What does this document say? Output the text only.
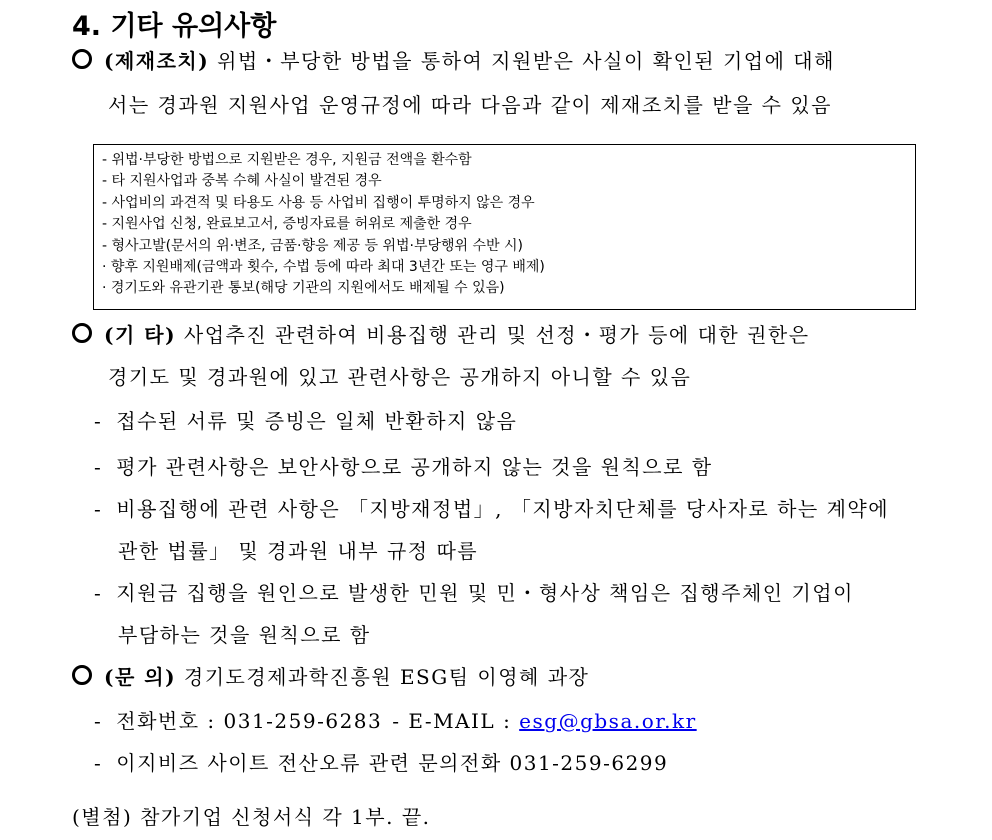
4. 기타 유의사항
(제재조치) 위법・부당한 방법을 통하여 지원받은 사실이 확인된 기업에 대해
서는 경과원 지원사업 운영규정에 따라 다음과 같이 제재조치를 받을 수 있음
- 위법·부당한 방법으로 지원받은 경우, 지원금 전액을 환수함
- 타 지원사업과 중복 수혜 사실이 발견된 경우
- 사업비의 과견적 및 타용도 사용 등 사업비 집행이 투명하지 않은 경우
- 지원사업 신청, 완료보고서, 증빙자료를 허위로 제출한 경우
- 형사고발(문서의 위·변조, 금품·향응 제공 등 위법·부당행위 수반 시)
· 향후 지원배제(금액과 횟수, 수법 등에 따라 최대 3년간 또는 영구 배제)
· 경기도와 유관기관 통보(해당 기관의 지원에서도 배제될 수 있음)
(기 타) 사업추진 관련하여 비용집행 관리 및 선정・평가 등에 대한 권한은
경기도 및 경과원에 있고 관련사항은 공개하지 아니할 수 있음
- 접수된 서류 및 증빙은 일체 반환하지 않음
- 평가 관련사항은 보안사항으로 공개하지 않는 것을 원칙으로 함
- 비용집행에 관련 사항은 「지방재정법」, 「지방자치단체를 당사자로 하는 계약에
관한 법률」 및 경과원 내부 규정 따름
- 지원금 집행을 원인으로 발생한 민원 및 민・형사상 책임은 집행주체인 기업이
부담하는 것을 원칙으로 함
(문 의) 경기도경제과학진흥원 ESG팀 이영혜 과장
- 전화번호 : 031-259-6283 - E-MAIL : esg@gbsa.or.kr
- 이지비즈 사이트 전산오류 관련 문의전화 031-259-6299
(별첨) 참가기업 신청서식 각 1부. 끝.
